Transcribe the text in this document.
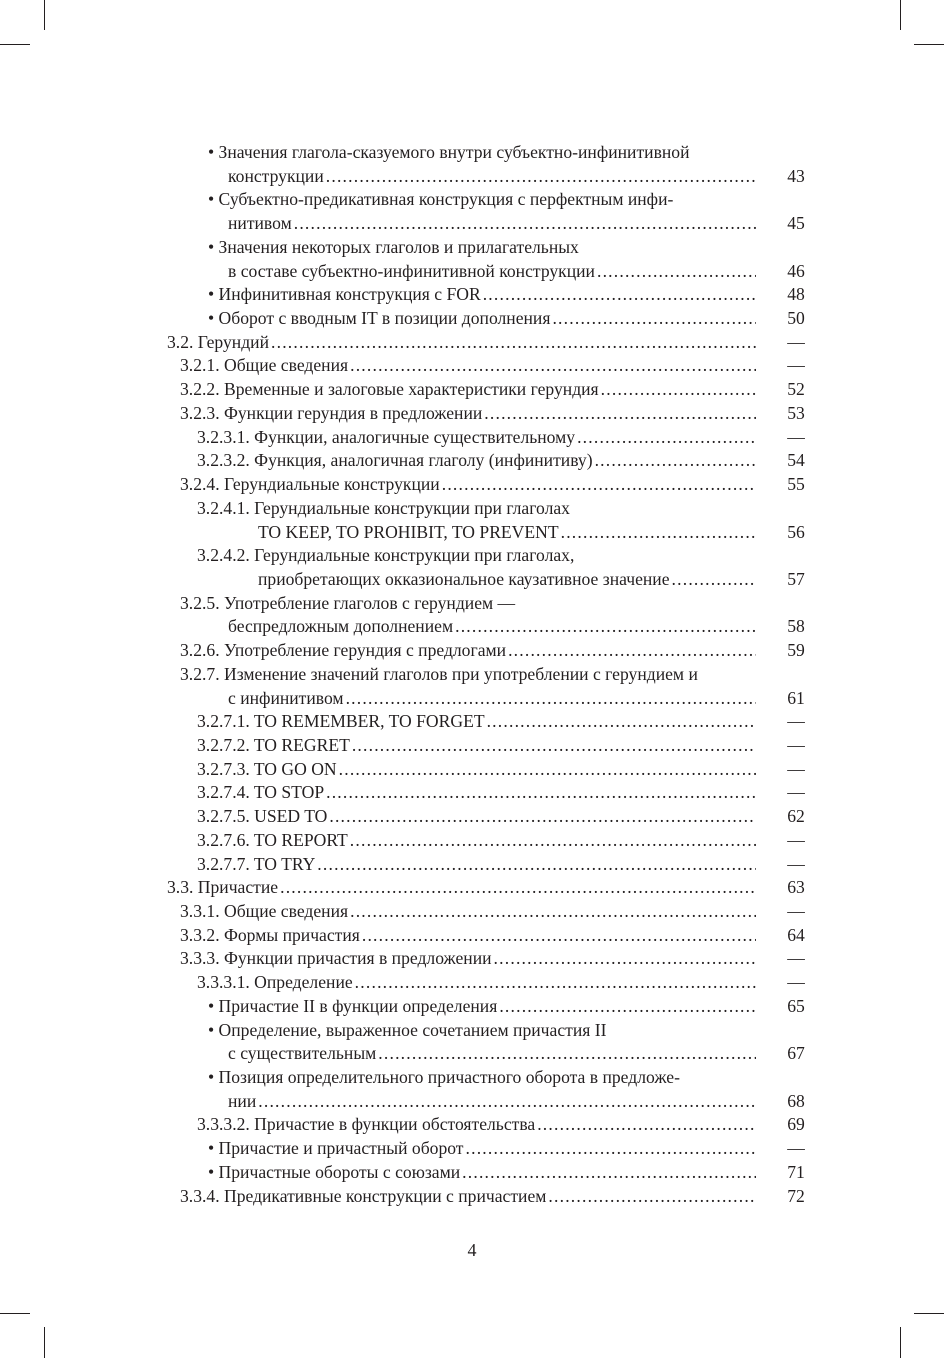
• Значения глагола-сказуемого внутри субъектно-инфинитивной
конструкции .....	43
• Субъектно-предикативная конструкция с перфектным инфи-
нитивом .....	45
• Значения некоторых глаголов и прилагательных
в составе субъектно-инфинитивной конструкции .....	46
• Инфинитивная конструкция с FOR .....	48
• Оборот с вводным IT в позиции дополнения .....	50
3.2. Герундий .....	—
3.2.1. Общие сведения .....	—
3.2.2. Временные и залоговые характеристики герундия .....	52
3.2.3. Функции герундия в предложении .....	53
3.2.3.1. Функции, аналогичные существительному .....	—
3.2.3.2. Функция, аналогичная глаголу (инфинитиву) .....	54
3.2.4. Герундиальные конструкции .....	55
3.2.4.1. Герундиальные конструкции при глаголах
TO KEEP, TO PROHIBIT, TO PREVENT .....	56
3.2.4.2. Герундиальные конструкции при глаголах,
приобретающих окказиональное каузативное значение .....	57
3.2.5. Употребление глаголов с герундием —
беспредложным дополнением .....	58
3.2.6. Употребление герундия с предлогами .....	59
3.2.7. Изменение значений глаголов при употреблении с герундием и
с инфинитивом .....	61
3.2.7.1. TO REMEMBER, TO FORGET .....	—
3.2.7.2. TO REGRET .....	—
3.2.7.3. TO GO ON .....	—
3.2.7.4. TO STOP .....	—
3.2.7.5. USED TO .....	62
3.2.7.6. TO REPORT .....	—
3.2.7.7. TO TRY .....	—
3.3. Причастие .....	63
3.3.1. Общие сведения .....	—
3.3.2. Формы причастия .....	64
3.3.3. Функции причастия в предложении .....	—
3.3.3.1. Определение .....	—
• Причастие II в функции определения .....	65
• Определение, выраженное сочетанием причастия II
с существительным .....	67
• Позиция определительного причастного оборота в предложе-
нии .....	68
3.3.3.2. Причастие в функции обстоятельства .....	69
• Причастие и причастный оборот .....	—
• Причастные обороты с союзами .....	71
3.3.4. Предикативные конструкции с причастием .....	72
4
